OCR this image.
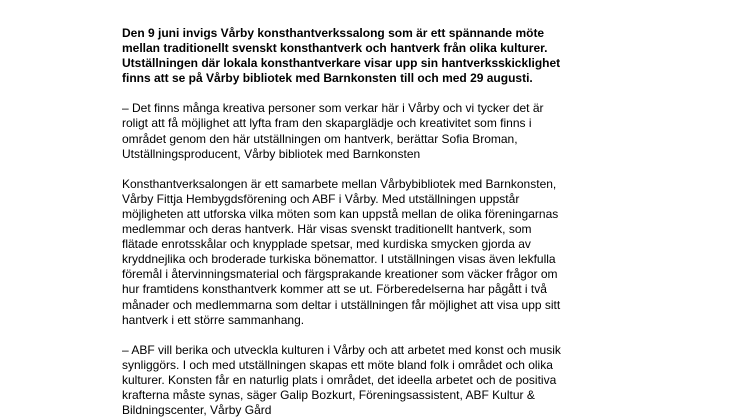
Den 9 juni invigs Vårby konsthantverkssalong som är ett spännande möte
mellan traditionellt svenskt konsthantverk och hantverk från olika kulturer.
Utställningen där lokala konsthantverkare visar upp sin hantverksskicklighet
finns att se på Vårby bibliotek med Barnkonsten till och med 29 augusti.

– Det finns många kreativa personer som verkar här i Vårby och vi tycker det är
roligt att få möjlighet att lyfta fram den skaparglädje och kreativitet som finns i
området genom den här utställningen om hantverk, berättar Sofia Broman,
Utställningsproducent, Vårby bibliotek med Barnkonsten

Konsthantverksalongen är ett samarbete mellan Vårbybibliotek med Barnkonsten,
Vårby Fittja Hembygdsförening och ABF i Vårby. Med utställningen uppstår
möjligheten att utforska vilka möten som kan uppstå mellan de olika föreningarnas
medlemmar och deras hantverk. Här visas svenskt traditionellt hantverk, som
flätade enrotsskålar och knypplade spetsar, med kurdiska smycken gjorda av
kryddnejlika och broderade turkiska bönemattor. I utställningen visas även lekfulla
föremål i återvinningsmaterial och färgsprakande kreationer som väcker frågor om
hur framtidens konsthantverk kommer att se ut. Förberedelserna har pågått i två
månader och medlemmarna som deltar i utställningen får möjlighet att visa upp sitt
hantverk i ett större sammanhang.

– ABF vill berika och utveckla kulturen i Vårby och att arbetet med konst och musik
synliggörs. I och med utställningen skapas ett möte bland folk i området och olika
kulturer. Konsten får en naturlig plats i området, det ideella arbetet och de positiva
krafterna måste synas, säger Galip Bozkurt, Föreningsassistent, ABF Kultur &
Bildningscenter, Vårby Gård
